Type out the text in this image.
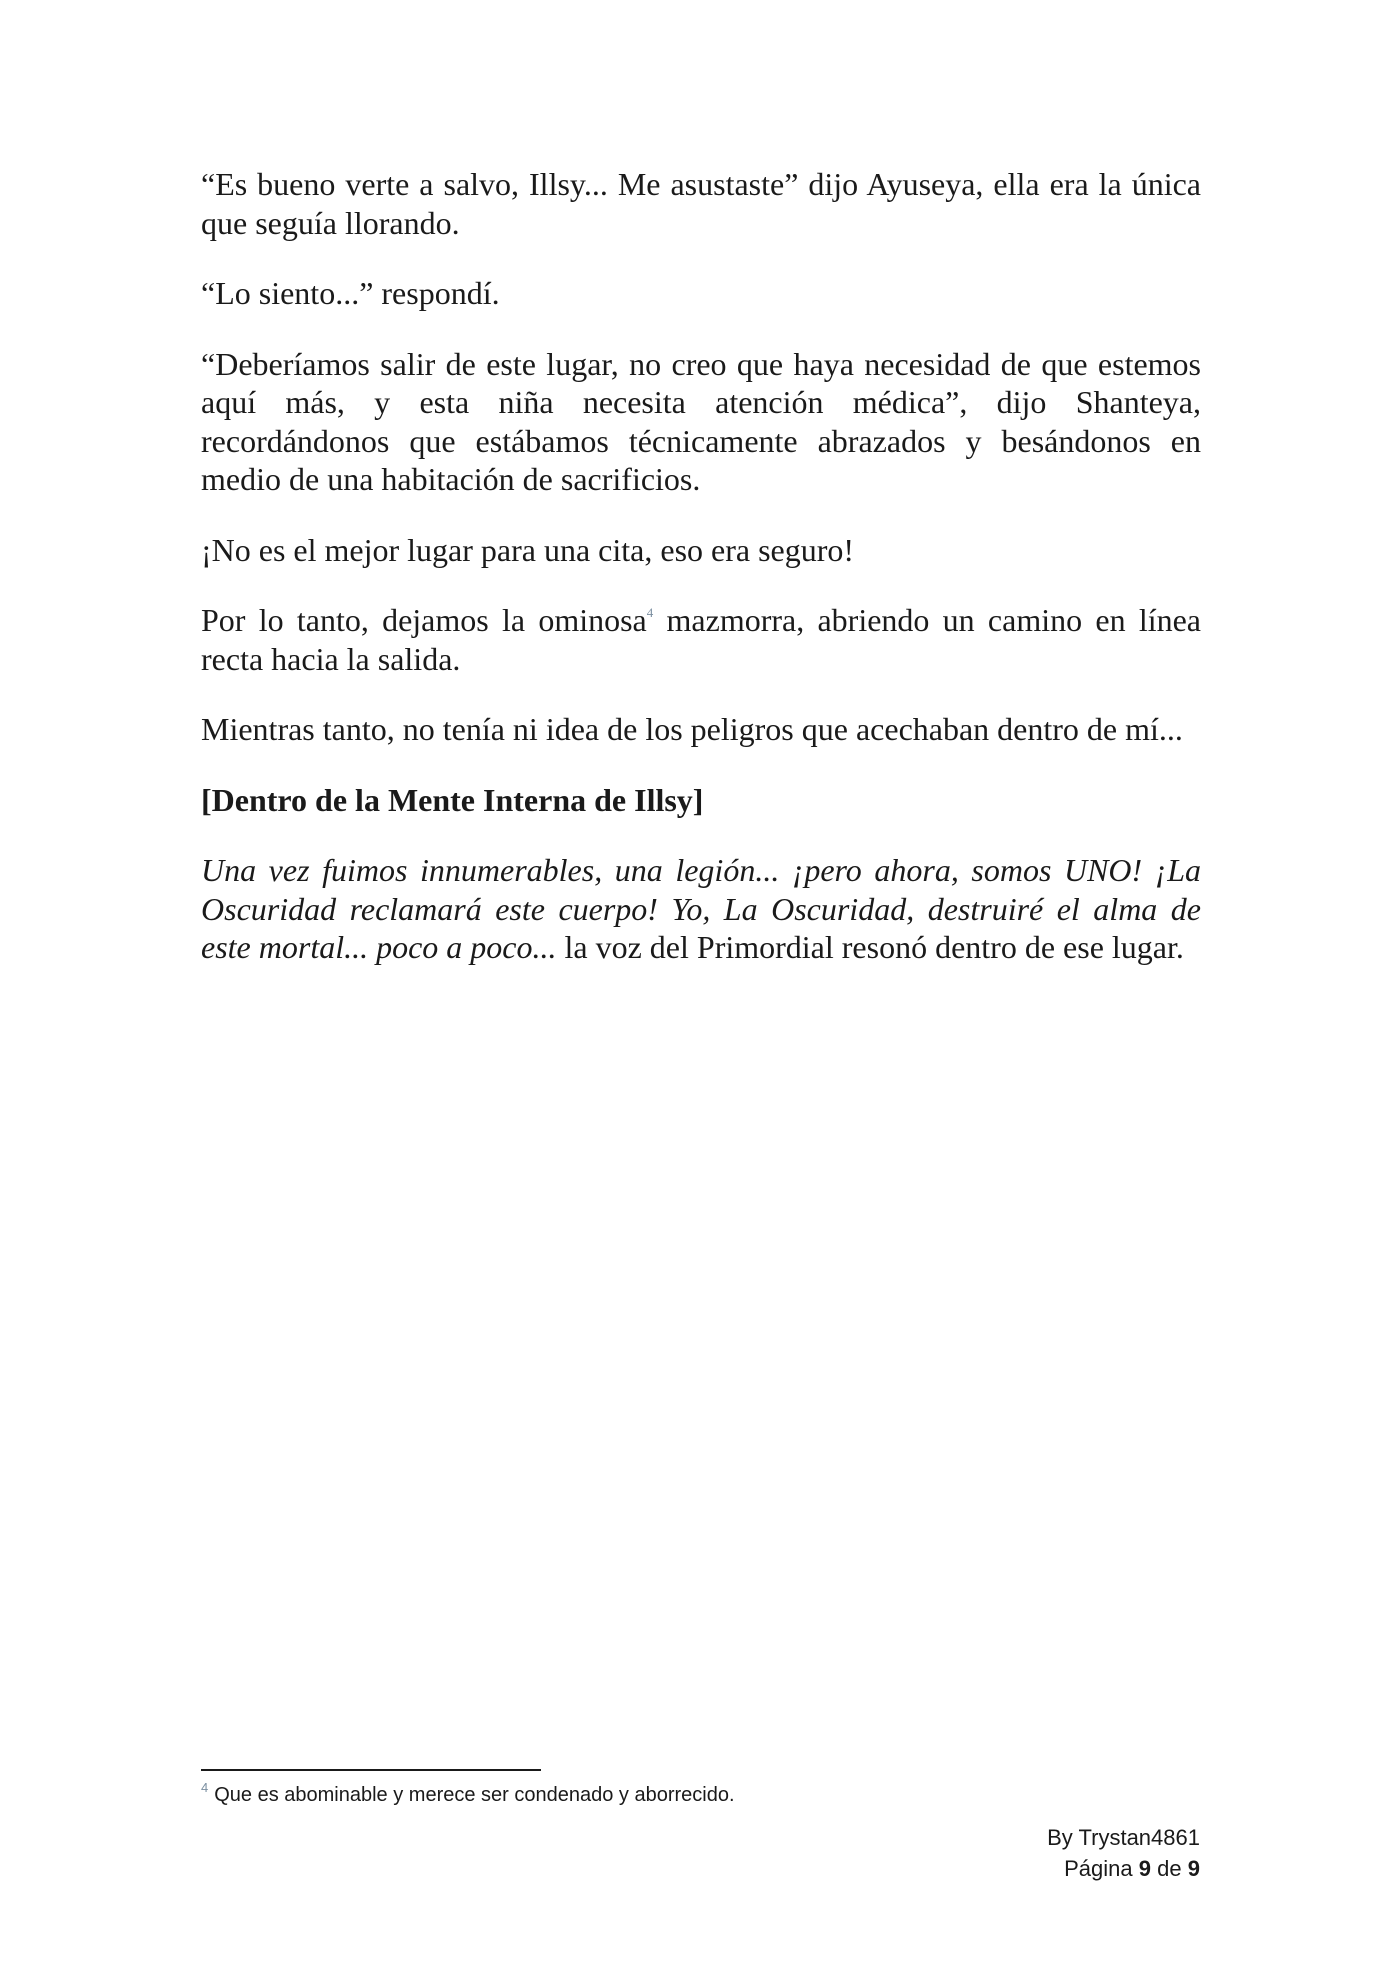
“Es bueno verte a salvo, Illsy... Me asustaste” dijo Ayuseya, ella era la única que seguía llorando.

“Lo siento...” respondí.

“Deberíamos salir de este lugar, no creo que haya necesidad de que estemos aquí más, y esta niña necesita atención médica”, dijo Shanteya, recordándonos que estábamos técnicamente abrazados y besándonos en medio de una habitación de sacrificios.

¡No es el mejor lugar para una cita, eso era seguro!

Por lo tanto, dejamos la ominosa$^4$ mazmorra, abriendo un camino en línea recta hacia la salida.

Mientras tanto, no tenía ni idea de los peligros que acechaban dentro de mí...

[Dentro de la Mente Interna de Illsy]

Una vez fuimos innumerables, una legión... ¡pero ahora, somos UNO! ¡La Oscuridad reclamará este cuerpo! Yo, La Oscuridad, destruiré el alma de este mortal... poco a poco... la voz del Primordial resonó dentro de ese lugar.

$^4$ Que es abominable y merece ser condenado y aborrecido.
By Trystan4861
Página 9 de 9
